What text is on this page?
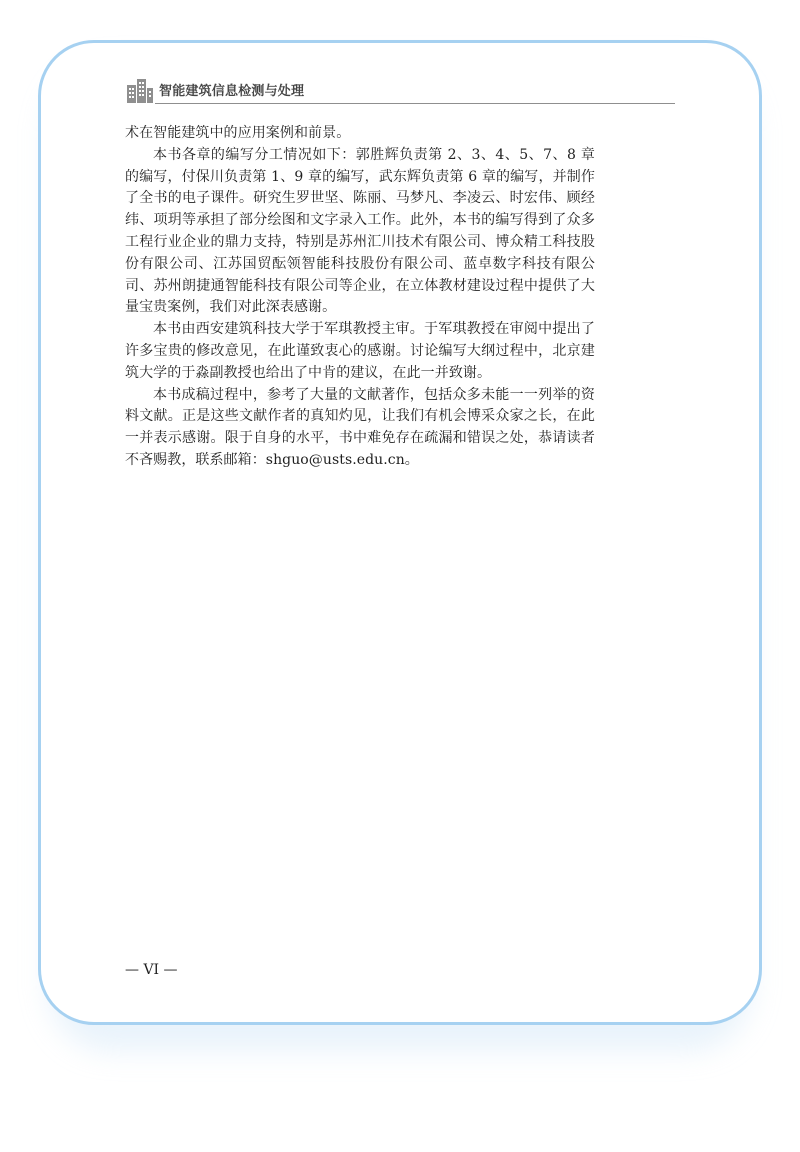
智能建筑信息检测与处理

术在智能建筑中的应用案例和前景。

本书各章的编写分工情况如下：郭胜辉负责第 2、3、4、5、7、8 章的编写，付保川负责第 1、9 章的编写，武东辉负责第 6 章的编写，并制作了全书的电子课件。研究生罗世坚、陈丽、马梦凡、李凌云、时宏伟、顾经纬、项玥等承担了部分绘图和文字录入工作。此外，本书的编写得到了众多工程行业企业的鼎力支持，特别是苏州汇川技术有限公司、博众精工科技股份有限公司、江苏国贸酝领智能科技股份有限公司、蓝卓数字科技有限公司、苏州朗捷通智能科技有限公司等企业，在立体教材建设过程中提供了大量宝贵案例，我们对此深表感谢。

本书由西安建筑科技大学于军琪教授主审。于军琪教授在审阅中提出了许多宝贵的修改意见，在此谨致衷心的感谢。讨论编写大纲过程中，北京建筑大学的于淼副教授也给出了中肯的建议，在此一并致谢。

本书成稿过程中，参考了大量的文献著作，包括众多未能一一列举的资料文献。正是这些文献作者的真知灼见，让我们有机会博采众家之长，在此一并表示感谢。限于自身的水平，书中难免存在疏漏和错误之处，恭请读者不吝赐教，联系邮箱：shguo@usts.edu.cn。

— VI —
